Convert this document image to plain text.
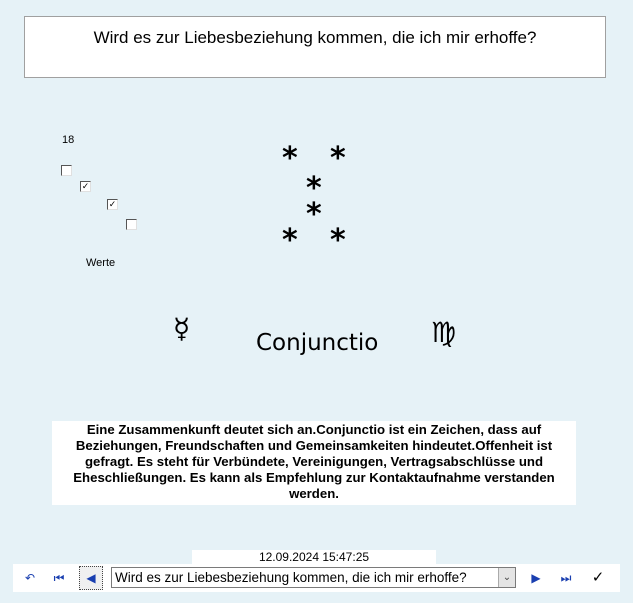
Wird es zur Liebesbeziehung kommen, die ich mir erhoffe?
18
✓
✓
Werte
* *
*
*
* *
☿	♍
Conjunctio
Eine Zusammenkunft deutet sich an.Conjunctio ist ein Zeichen, dass auf Beziehungen, Freundschaften und Gemeinsamkeiten hindeutet.Offenheit ist gefragt. Es steht für Verbündete, Vereinigungen, Vertragsabschlüsse und Eheschließungen. Es kann als Empfehlung zur Kontaktaufnahme verstanden werden.
12.09.2024 15:47:25
↶	⏮	◀	Wird es zur Liebesbeziehung kommen, die ich mir erhoffe?	⌄	▶	⏭	✓
